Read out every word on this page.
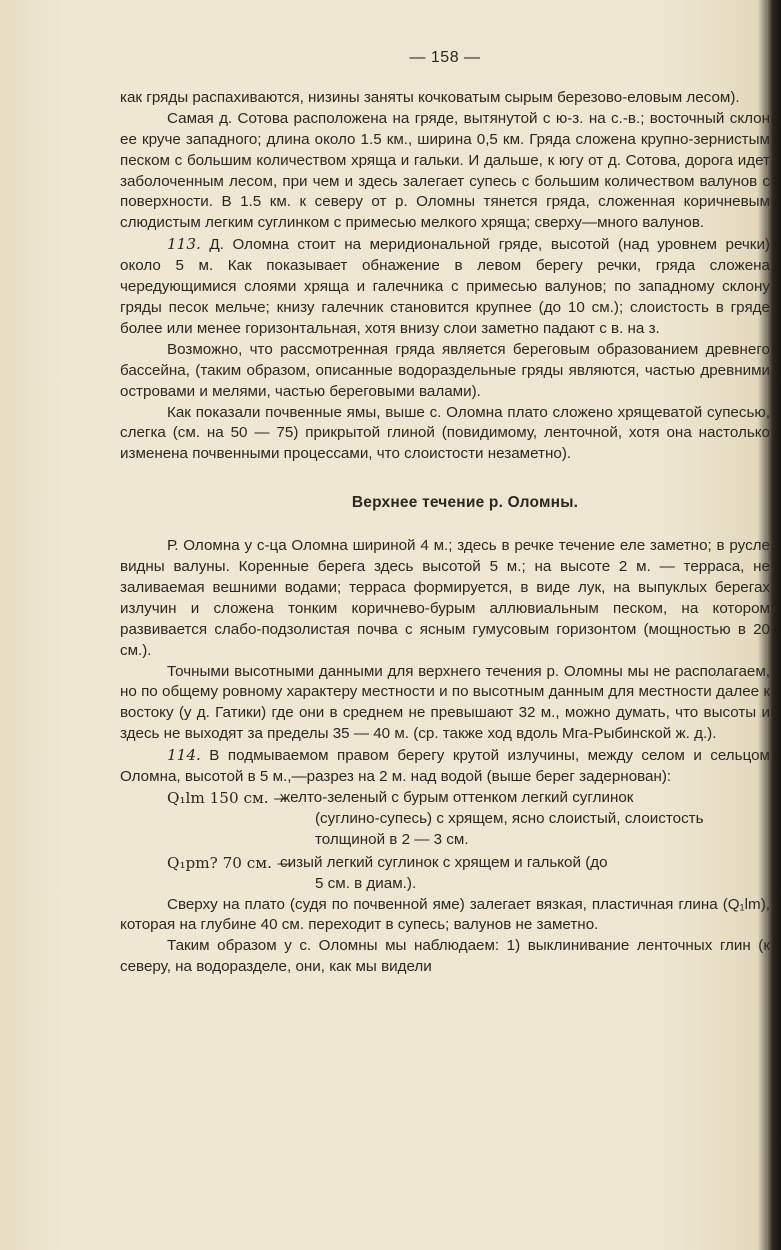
— 158 —

как гряды распахиваются, низины заняты кочковатым сырым березово-еловым лесом).

Самая д. Сотова расположена на гряде, вытянутой с ю-з. на с.-в.; восточный склон ее круче западного; длина около 1.5 км., ширина 0,5 км. Гряда сложена крупно-зернистым песком с большим количеством хряща и гальки. И дальше, к югу от д. Сотова, дорога идет заболоченным лесом, при чем и здесь залегает супесь с большим количеством валунов с поверхности. В 1.5 км. к северу от р. Оломны тянется гряда, сложенная коричневым слюдистым легким суглинком с примесью мелкого хряща; сверху—много валунов.

113. Д. Оломна стоит на меридиональной гряде, высотой (над уровнем речки) около 5 м. Как показывает обнажение в левом берегу речки, гряда сложена чередующимися слоями хряща и галечника с примесью валунов; по западному склону гряды песок мельче; книзу галечник становится крупнее (до 10 см.); слоистость в гряде более или менее горизонтальная, хотя внизу слои заметно падают с в. на з.

Возможно, что рассмотренная гряда является береговым образованием древнего бассейна, (таким образом, описанные водораздельные гряды являются, частью древними островами и мелями, частью береговыми валами).

Как показали почвенные ямы, выше с. Оломна плато сложено хрящеватой супесью, слегка (см. на 50 — 75) прикрытой глиной (повидимому, ленточной, хотя она настолько изменена почвенными процессами, что слоистости незаметно).

Верхнее течение р. Оломны.

Р. Оломна у с-ца Оломна шириной 4 м.; здесь в речке течение еле заметно; в русле видны валуны. Коренные берега здесь высотой 5 м.; на высоте 2 м. — терраса, не заливаемая вешними водами; терраса формируется, в виде лук, на выпуклых берегах излучин и сложена тонким коричнево-бурым аллювиальным песком, на котором развивается слабо-подзолистая почва с ясным гумусовым горизонтом (мощностью в 20 см.).

Точными высотными данными для верхнего течения р. Оломны мы не располагаем, но по общему ровному характеру местности и по высотным данным для местности далее к востоку (у д. Гатики) где они в среднем не превышают 32 м., можно думать, что высоты и здесь не выходят за пределы 35 — 40 м. (ср. также ход вдоль Мга-Рыбинской ж. д.).

114. В подмываемом правом берегу крутой излучины, между селом и сельцом Оломна, высотой в 5 м.,—разрез на 2 м. над водой (выше берег задернован):

Q₁lm 150 см. —
желто-зеленый с бурым оттенком легкий суглинок
(суглино-супесь) с хрящем, ясно слоистый, слоистость толщиной в 2 — 3 см.
Q₁pm? 70 см. —
сизый легкий суглинок с хрящем и галькой (до
5 см. в диам.).

Сверху на плато (судя по почвенной яме) залегает вязкая, пластичная глина (Q₁lm), которая на глубине 40 см. переходит в супесь; валунов не заметно.

Таким образом у с. Оломны мы наблюдаем: 1) выклинивание ленточных глин (к северу, на водоразделе, они, как мы видели
